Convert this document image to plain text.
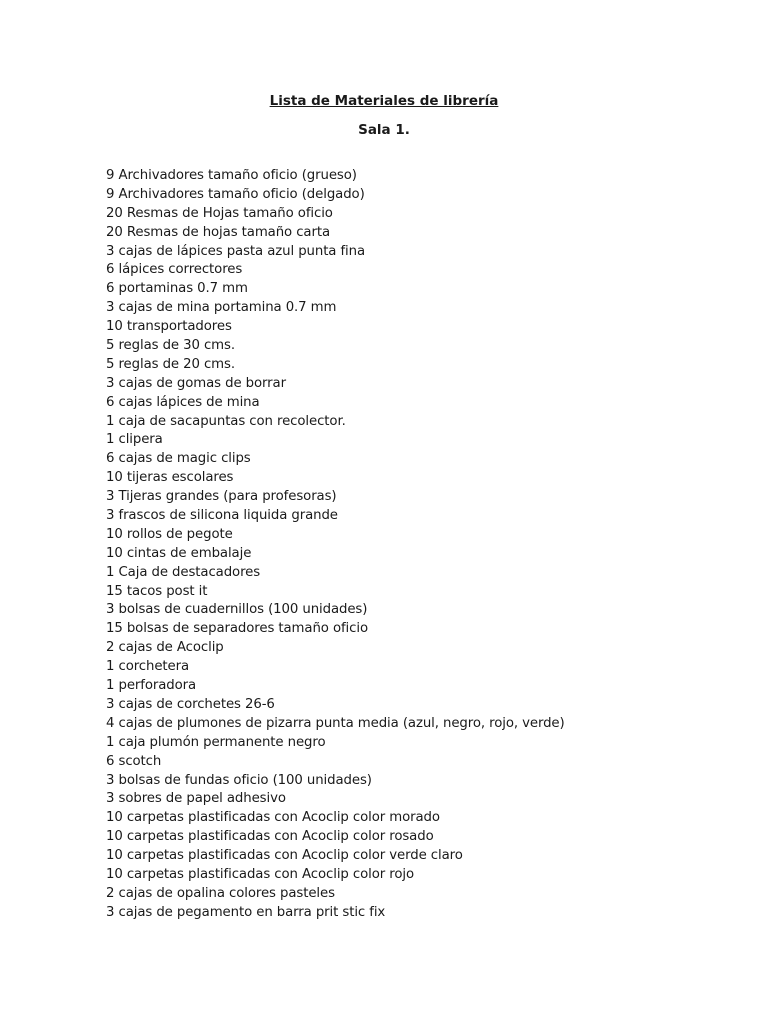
Lista de Materiales de librería
Sala 1.
9 Archivadores tamaño oficio (grueso)
9 Archivadores tamaño oficio (delgado)
20 Resmas de Hojas tamaño oficio
20 Resmas de hojas tamaño carta
3 cajas de lápices pasta azul punta fina
6 lápices correctores
6 portaminas 0.7 mm
3 cajas de mina portamina 0.7 mm
10 transportadores
5 reglas de 30 cms.
5 reglas de 20 cms.
3 cajas de gomas de borrar
6 cajas lápices de mina
1 caja de sacapuntas con recolector.
1 clipera
6 cajas de magic clips
10 tijeras escolares
3 Tijeras grandes (para profesoras)
3 frascos de silicona liquida grande
10 rollos de pegote
10 cintas de embalaje
1 Caja de destacadores
15 tacos post it
3 bolsas de cuadernillos (100 unidades)
15 bolsas de separadores tamaño oficio
2 cajas de Acoclip
1 corchetera
1 perforadora
3 cajas de corchetes 26-6
4 cajas de plumones de pizarra punta media (azul, negro, rojo, verde)
1 caja plumón permanente negro
6 scotch
3 bolsas de fundas oficio (100 unidades)
3 sobres de papel adhesivo
10 carpetas plastificadas con Acoclip color morado
10 carpetas plastificadas con Acoclip color rosado
10 carpetas plastificadas con Acoclip color verde claro
10 carpetas plastificadas con Acoclip color rojo
2 cajas de opalina colores pasteles
3 cajas de pegamento en barra prit stic fix
